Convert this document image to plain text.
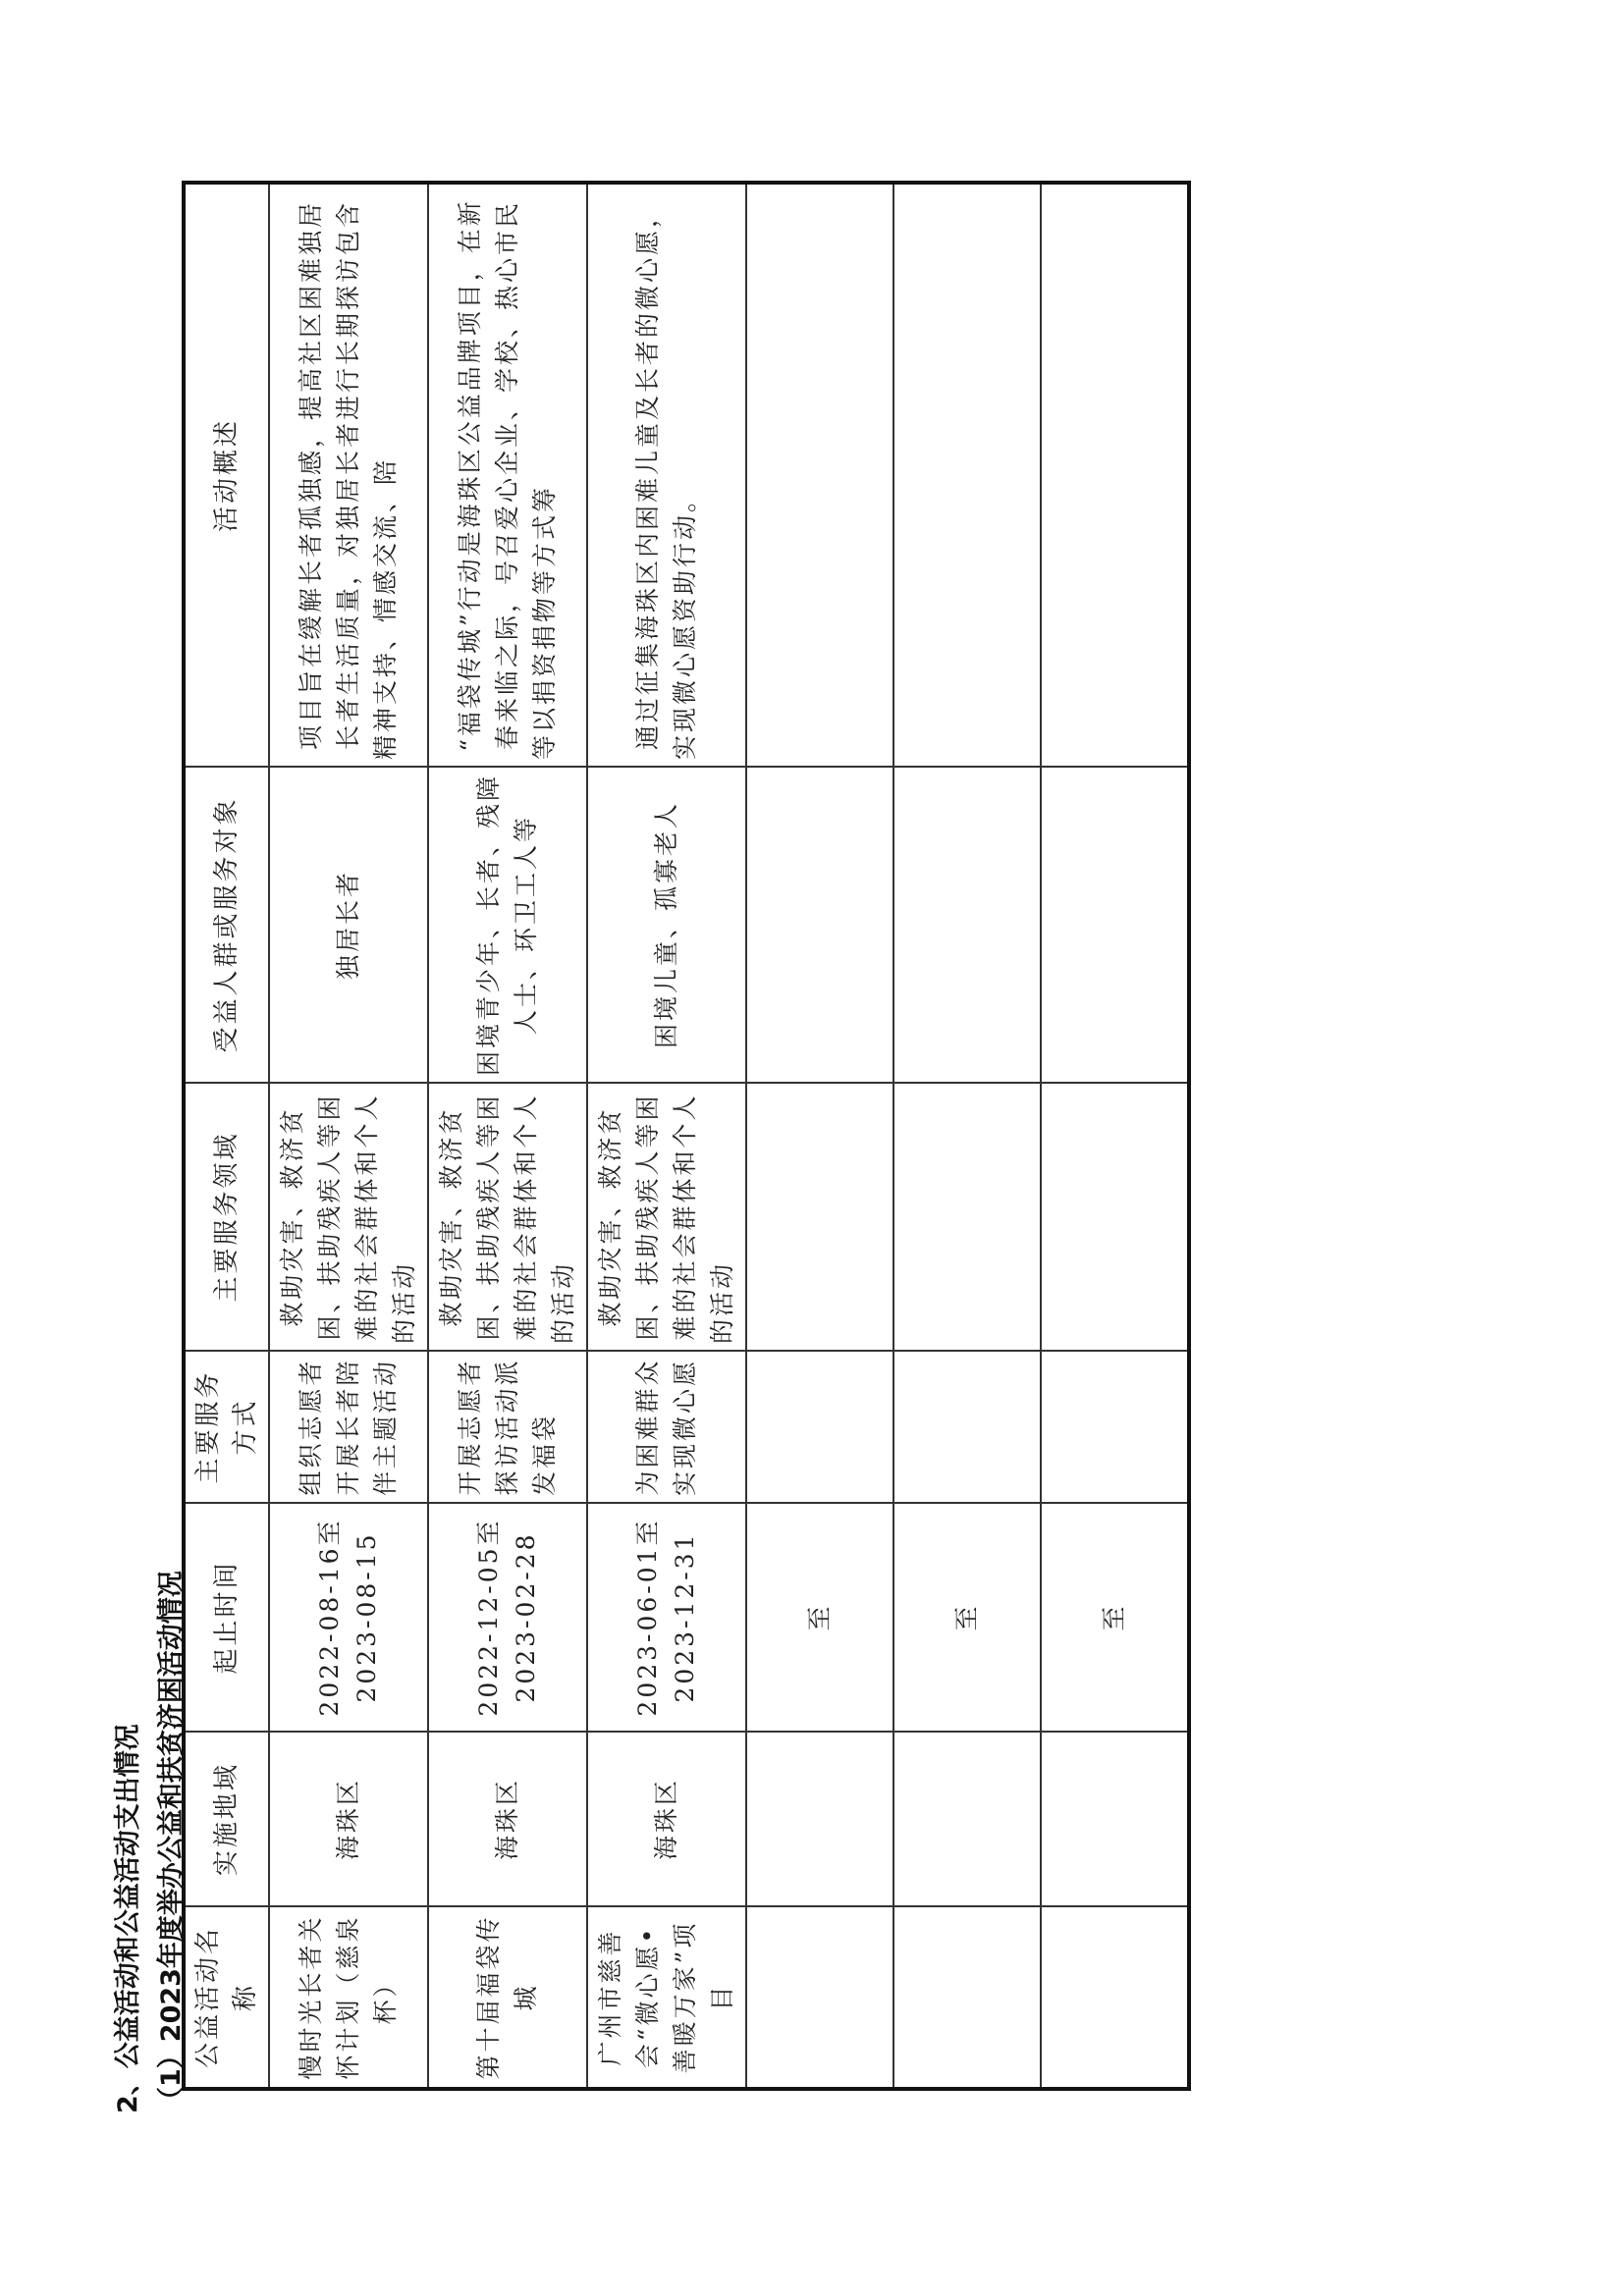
2、公益活动和公益活动支出情况 （1）2023年度举办公益和扶贫济困活动情况 公益活动名称	实施地域	起止时间	主要服务方式	主要服务领域	受益人群或服务对象	活动概述
慢时光长者关怀计划（慈泉杯）	海珠区	2022-08-16至 2023-08-15	组织志愿者开展长者陪伴主题活动	救助灾害、救济贫困、扶助残疾人等困难的社会群体和个人的活动	独居长者	项目旨在缓解长者孤独感，提高社区困难独居长者生活质量，对独居长者进行长期探访包含精神支持、情感交流、陪
第十届福袋传城	海珠区	2022-12-05至 2023-02-28	开展志愿者探访活动派发福袋	救助灾害、救济贫困、扶助残疾人等困难的社会群体和个人的活动	困境青少年、长者、残障人士、环卫工人等	“福袋传城”行动是海珠区公益品牌项目，在新春来临之际，号召爱心企业、学校、热心市民等以捐资捐物等方式筹
广州市慈善会“微心愿•善暖万家”项目	海珠区	2023-06-01至 2023-12-31	为困难群众实现微心愿	救助灾害、救济贫困、扶助残疾人等困难的社会群体和个人的活动	困境儿童、孤寡老人	通过征集海珠区内困难儿童及长者的微心愿，实现微心愿资助行动。
		至				
		至				
		至				
